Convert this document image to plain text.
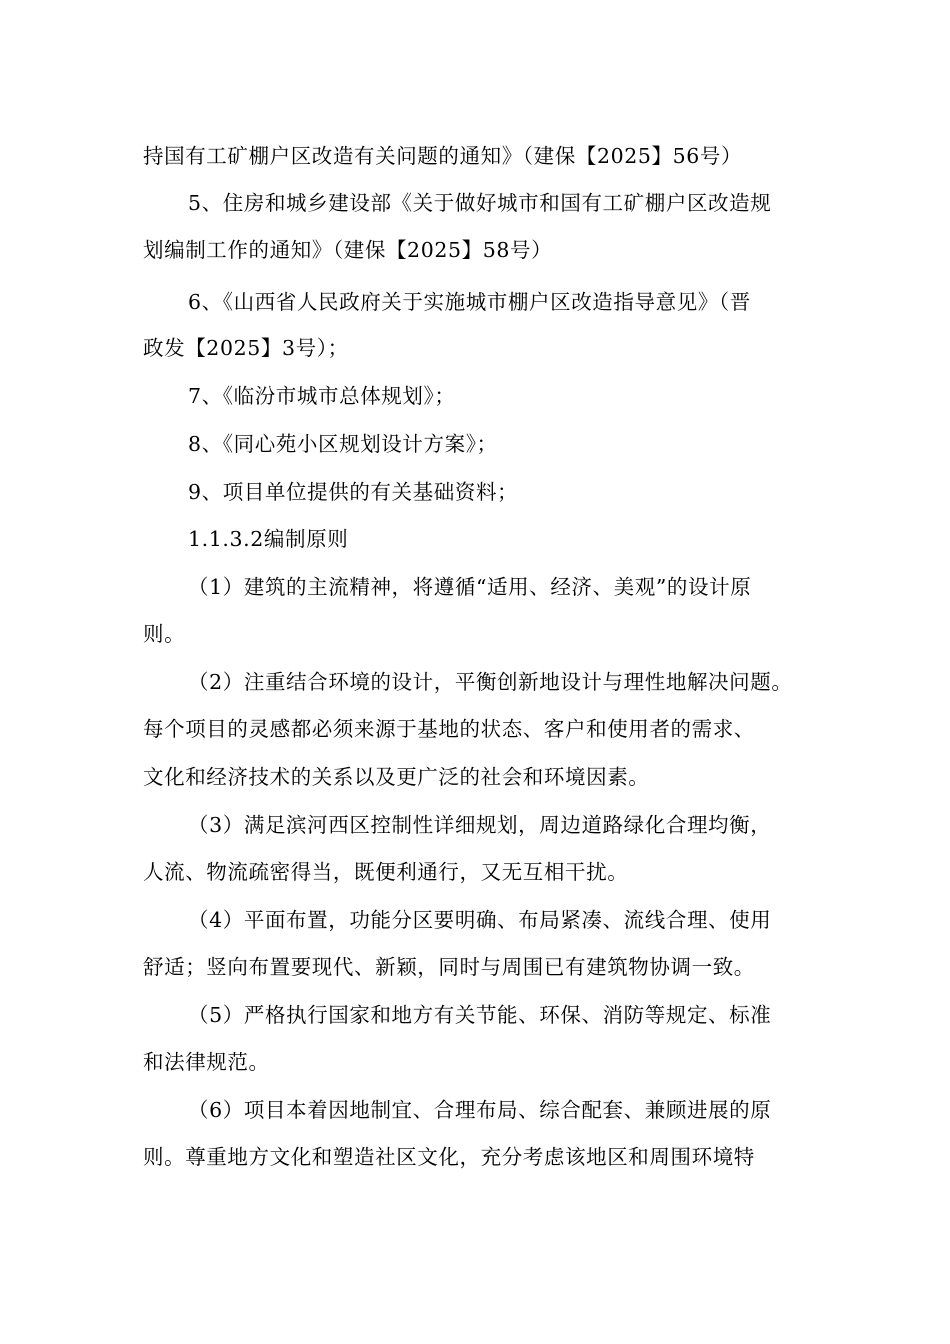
持国有工矿棚户区改造有关问题的通知》（建保【2025】56号）
5、住房和城乡建设部《关于做好城市和国有工矿棚户区改造规
划编制工作的通知》（建保【2025】58号）
6、《山西省人民政府关于实施城市棚户区改造指导意见》（晋
政发【2025】3号）；
7、《临汾市城市总体规划》；
8、《同心苑小区规划设计方案》；
9、项目单位提供的有关基础资料；
1.1.3.2编制原则
（1）建筑的主流精神，将遵循“适用、经济、美观”的设计原
则。
（2）注重结合环境的设计，平衡创新地设计与理性地解决问题。
每个项目的灵感都必须来源于基地的状态、客户和使用者的需求、
文化和经济技术的关系以及更广泛的社会和环境因素。
（3）满足滨河西区控制性详细规划，周边道路绿化合理均衡，
人流、物流疏密得当，既便利通行，又无互相干扰。
（4）平面布置，功能分区要明确、布局紧凑、流线合理、使用
舒适；竖向布置要现代、新颖，同时与周围已有建筑物协调一致。
（5）严格执行国家和地方有关节能、环保、消防等规定、标准
和法律规范。
（6）项目本着因地制宜、合理布局、综合配套、兼顾进展的原
则。尊重地方文化和塑造社区文化，充分考虑该地区和周围环境特
